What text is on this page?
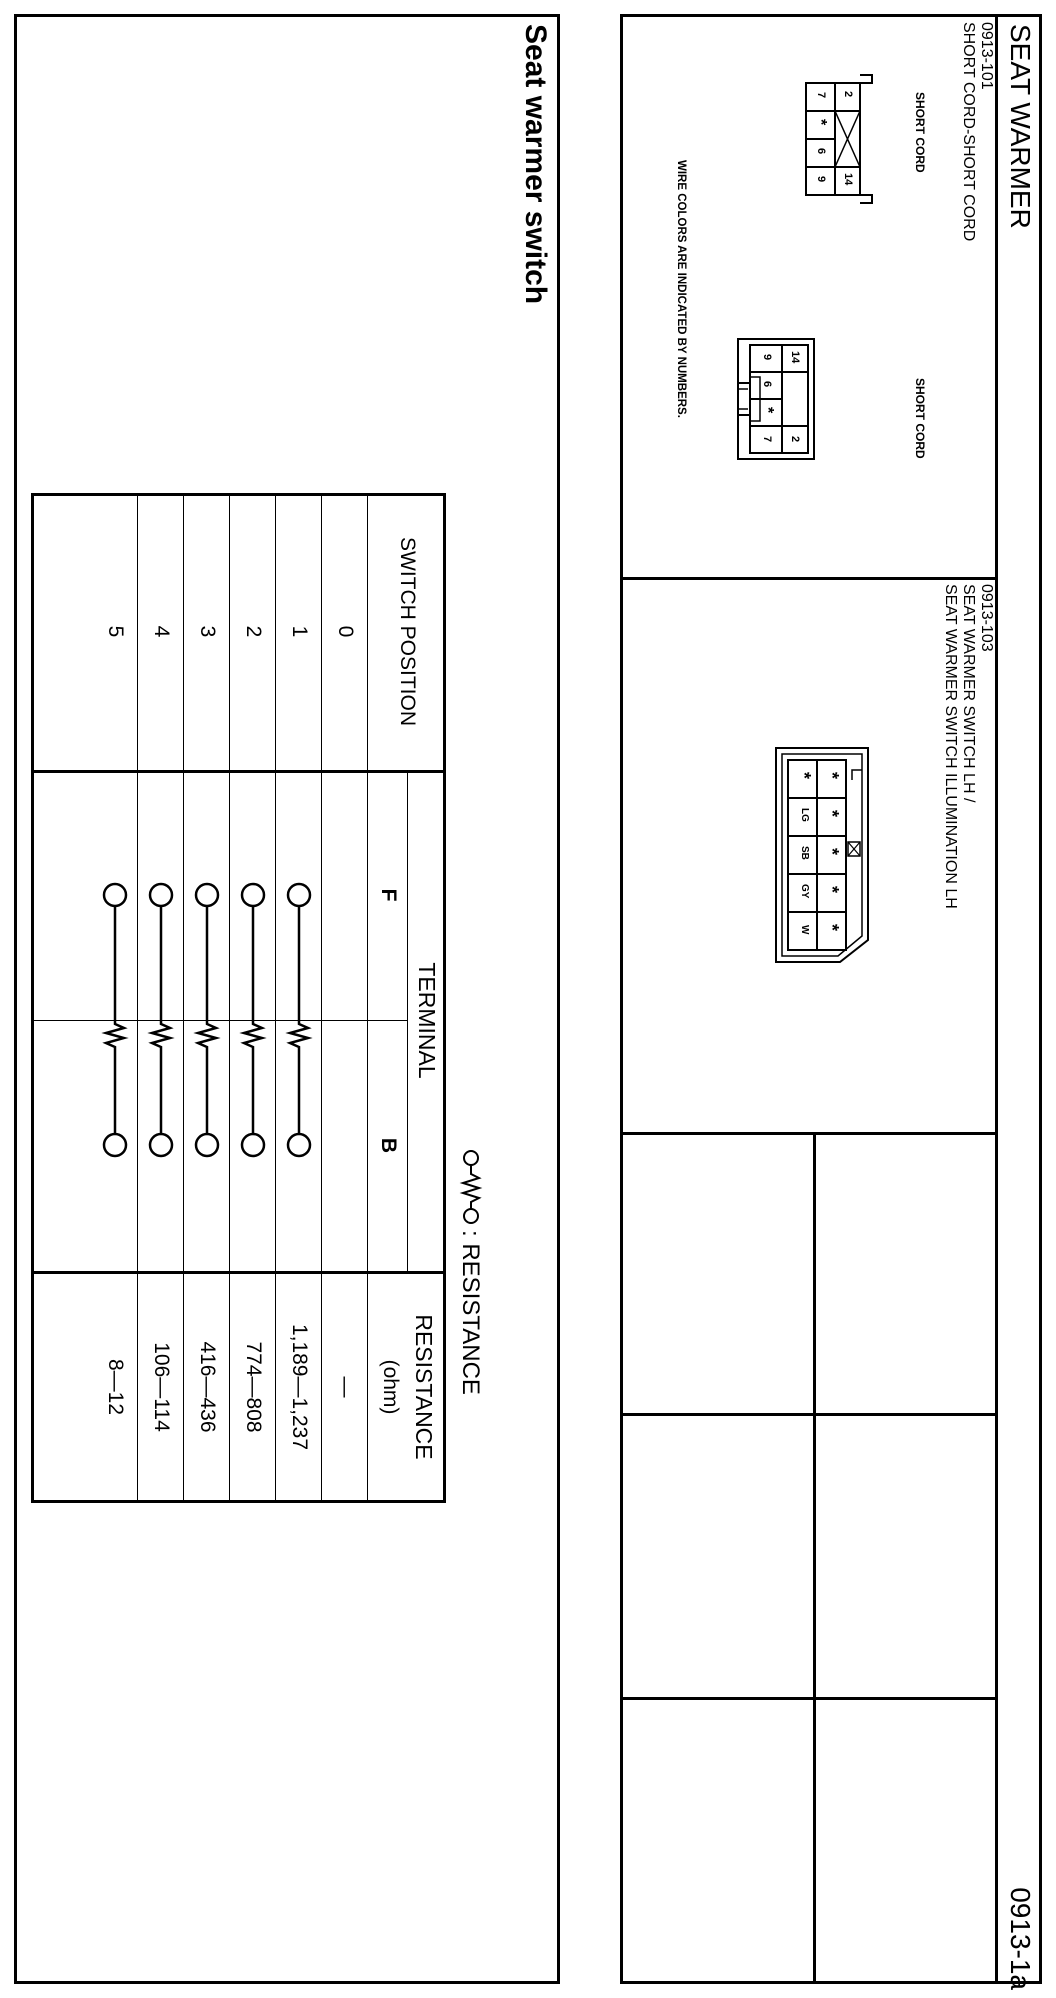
SEAT WARMER
0913-1a
0913-101
SHORT CORD-SHORT CORD
SHORT CORD
SHORT CORD
2
14
7
*
6
9
14
2
9
6
*
7
WIRE COLORS ARE INDICATED BY NUMBERS.
0913-103
SEAT WARMER SWITCH LH /
SEAT WARMER SWITCH ILLUMINATION LH
*
*
*
*
*
*
LG
SB
GY
W
Seat warmer switch
: RESISTANCE
SWITCH POSITION
TERMINAL
F
B
RESISTANCE
(ohm)
0
—
1
1,189—1,237
2
774—808
3
416—436
4
106—114
5
8—12
